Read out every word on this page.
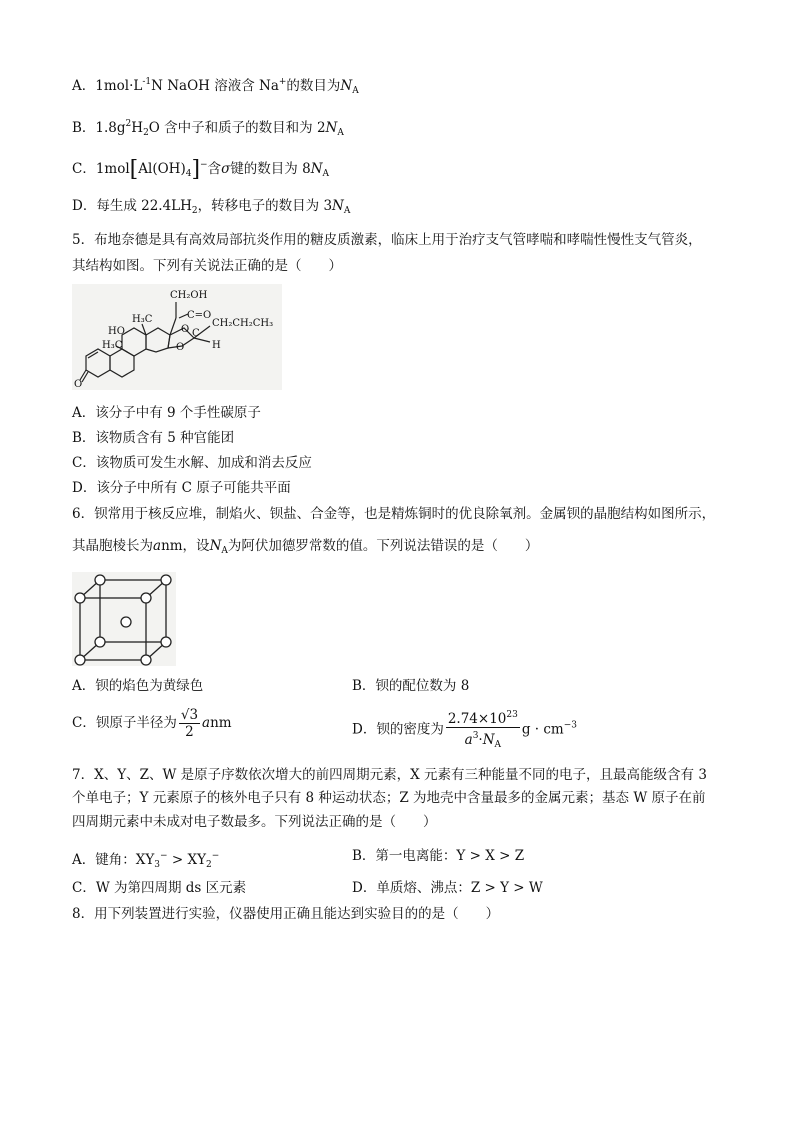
A．$1mol\cdot L^{-1}N$ NaOH 溶液含 Na+的数目为$N_A$
B．$1.8g^2H_2O$ 含中子和质子的数目和为 $2N_A$
C．$1mol[Al(OH)_4]^-$含σ键的数目为 $8N_A$
D．每生成 $22.4LH_2$，转移电子的数目为 $3N_A$
5．布地奈德是具有高效局部抗炎作用的糖皮质激素，临床上用于治疗支气管哮喘和哮喘性慢性支气管炎，
其结构如图。下列有关说法正确的是（　　）
CH₂OH
C=O
CH₂CH₂CH₃
HO
H₃C
H₃C
O
O
C
H
O
A．该分子中有 9 个手性碳原子
B．该物质含有 5 种官能团
C．该物质可发生水解、加成和消去反应
D．该分子中所有 C 原子可能共平面
6．钡常用于核反应堆，制焰火、钡盐、合金等，也是精炼铜时的优良除氧剂。金属钡的晶胞结构如图所示，
其晶胞棱长为anm，设$N_A$为阿伏加德罗常数的值。下列说法错误的是（　　）
A．钡的焰色为黄绿色	B．钡的配位数为 8
C．钡原子半径为 $\frac{√3}{2}$ anm	D．钡的密度为 $\frac{2.74\times 10^{23}}{a^3\cdot N_A}$ $g \cdot cm^{-3}$
7．X、Y、Z、W 是原子序数依次增大的前四周期元素，X 元素有三种能量不同的电子，且最高能级含有 3
个单电子；Y 元素原子的核外电子只有 8 种运动状态；Z 为地壳中含量最多的金属元素；基态 W 原子在前
四周期元素中未成对电子数最多。下列说法正确的是（　　）
A．键角：$XY_3^- > XY_2^-$	B．第一电离能：Y > X > Z
C．W 为第四周期 ds 区元素	D．单质熔、沸点：Z > Y > W
8．用下列装置进行实验，仪器使用正确且能达到实验目的的是（　　）
